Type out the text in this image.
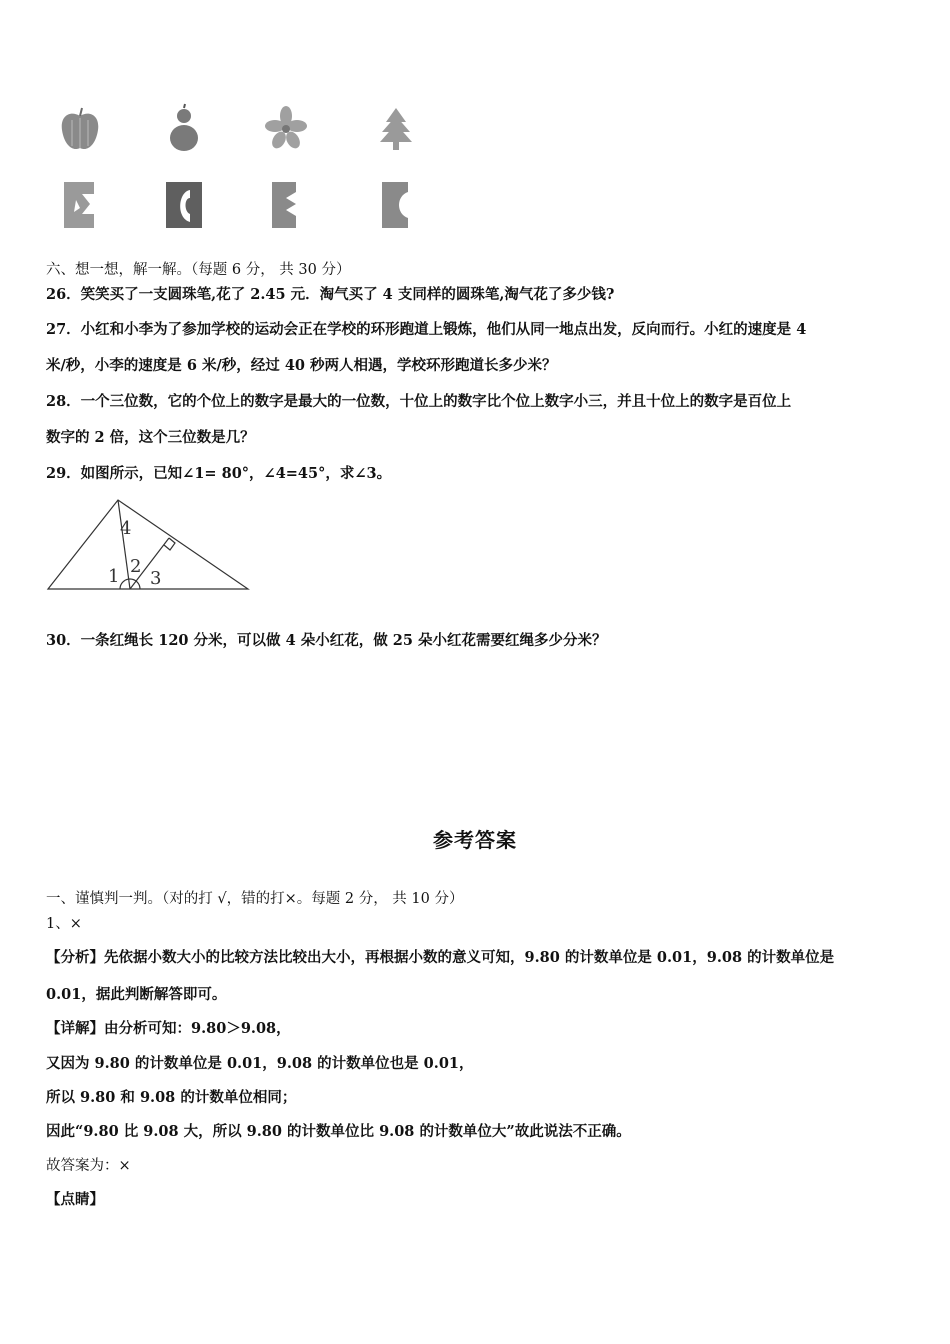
六、想一想，解一解。（每题 6 分， 共 30 分）
26．笑笑买了一支圆珠笔,花了 2.45 元．淘气买了 4 支同样的圆珠笔,淘气花了多少钱?
27．小红和小李为了参加学校的运动会正在学校的环形跑道上锻炼，他们从同一地点出发，反向而行。小红的速度是 4
米/秒，小李的速度是 6 米/秒，经过 40 秒两人相遇，学校环形跑道长多少米？
28．一个三位数，它的个位上的数字是最大的一位数，十位上的数字比个位上数字小三，并且十位上的数字是百位上
数字的 2 倍，这个三位数是几？
29．如图所示，已知∠1= 80°，∠4=45°，求∠3。
4
1 2
3
30．一条红绳长 120 分米，可以做 4 朵小红花，做 25 朵小红花需要红绳多少分米？
参考答案
一、谨慎判一判。（对的打 √，错的打×。每题 2 分， 共 10 分）
1、×
【分析】先依据小数大小的比较方法比较出大小，再根据小数的意义可知，9.80 的计数单位是 0.01，9.08 的计数单位是
0.01，据此判断解答即可。
【详解】由分析可知：9.80＞9.08，
又因为 9.80 的计数单位是 0.01，9.08 的计数单位也是 0.01，
所以 9.80 和 9.08 的计数单位相同；
因此“9.80 比 9.08 大，所以 9.80 的计数单位比 9.08 的计数单位大”故此说法不正确。
故答案为：×
【点睛】
